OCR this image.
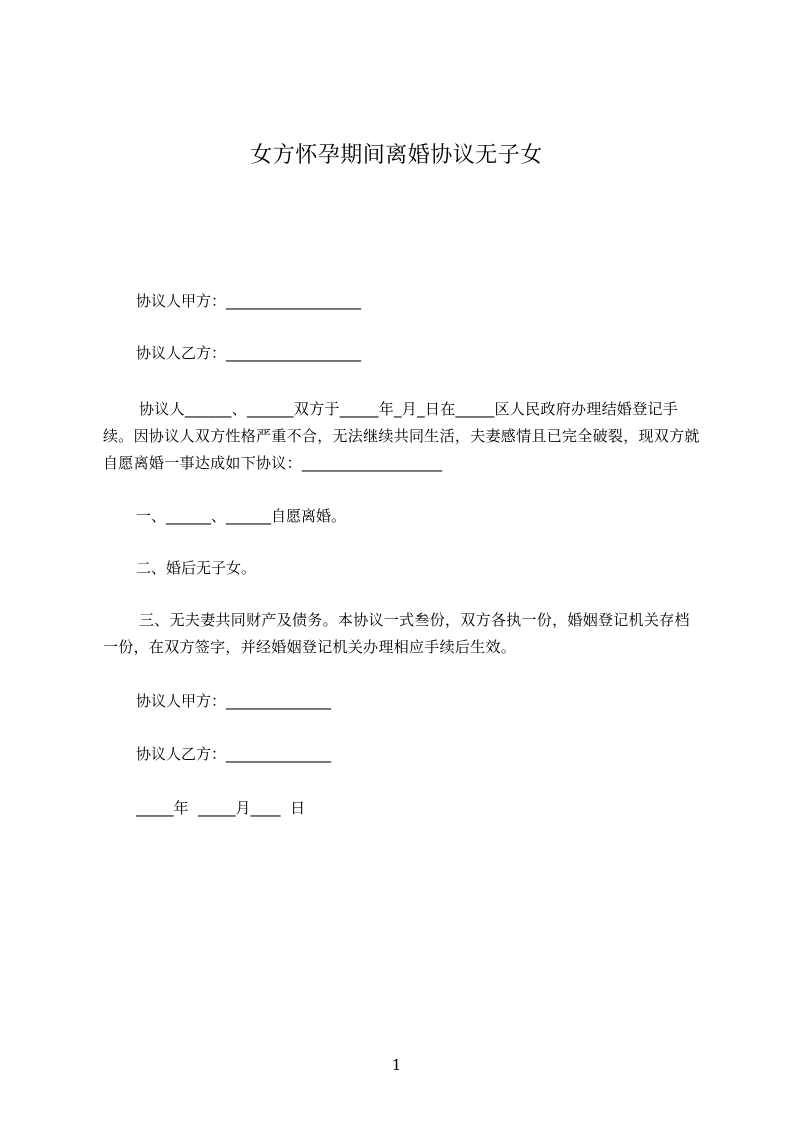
女方怀孕期间离婚协议无子女
协议人甲方：__________________
协议人乙方：__________________
协议人______、______双方于_____年_月_日在_____区人民政府办理结婚登记手续。因协议人双方性格严重不合，无法继续共同生活，夫妻感情且已完全破裂，现双方就自愿离婚一事达成如下协议：__________________
一、______、______自愿离婚。
二、婚后无子女。
三、无夫妻共同财产及债务。本协议一式叁份，双方各执一份，婚姻登记机关存档一份，在双方签字，并经婚姻登记机关办理相应手续后生效。
协议人甲方：______________
协议人乙方：______________
_____年  _____月____  日
1
